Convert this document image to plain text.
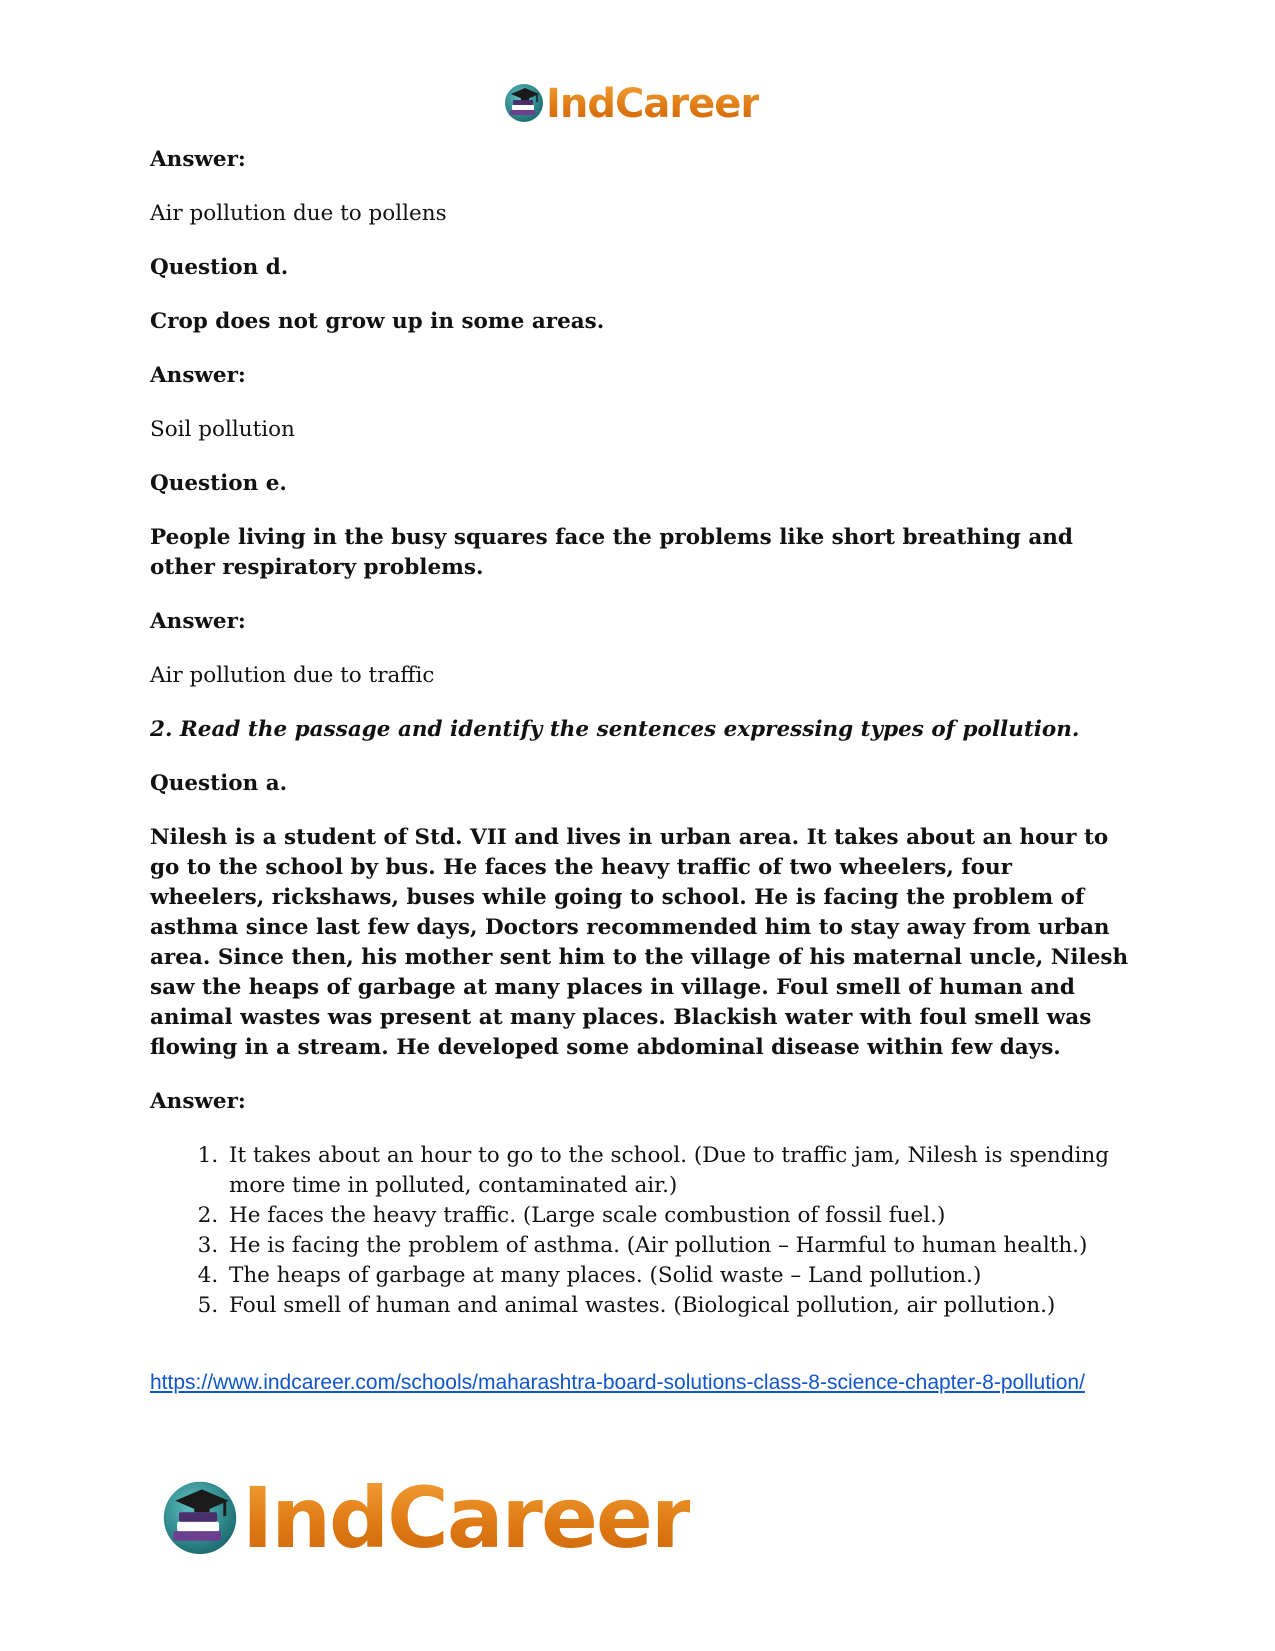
IndCareer

Answer:

Air pollution due to pollens

Question d.

Crop does not grow up in some areas.

Answer:

Soil pollution

Question e.

People living in the busy squares face the problems like short breathing and other respiratory problems.

Answer:

Air pollution due to traffic

2. Read the passage and identify the sentences expressing types of pollution.

Question a.

Nilesh is a student of Std. VII and lives in urban area. It takes about an hour to go to the school by bus. He faces the heavy traffic of two wheelers, four wheelers, rickshaws, buses while going to school. He is facing the problem of asthma since last few days, Doctors recommended him to stay away from urban area. Since then, his mother sent him to the village of his maternal uncle, Nilesh saw the heaps of garbage at many places in village. Foul smell of human and animal wastes was present at many places. Blackish water with foul smell was flowing in a stream. He developed some abdominal disease within few days.

Answer:

1. It takes about an hour to go to the school. (Due to traffic jam, Nilesh is spending more time in polluted, contaminated air.)
2. He faces the heavy traffic. (Large scale combustion of fossil fuel.)
3. He is facing the problem of asthma. (Air pollution – Harmful to human health.)
4. The heaps of garbage at many places. (Solid waste – Land pollution.)
5. Foul smell of human and animal wastes. (Biological pollution, air pollution.)
https://www.indcareer.com/schools/maharashtra-board-solutions-class-8-science-chapter-8-pollution/
IndCareer
